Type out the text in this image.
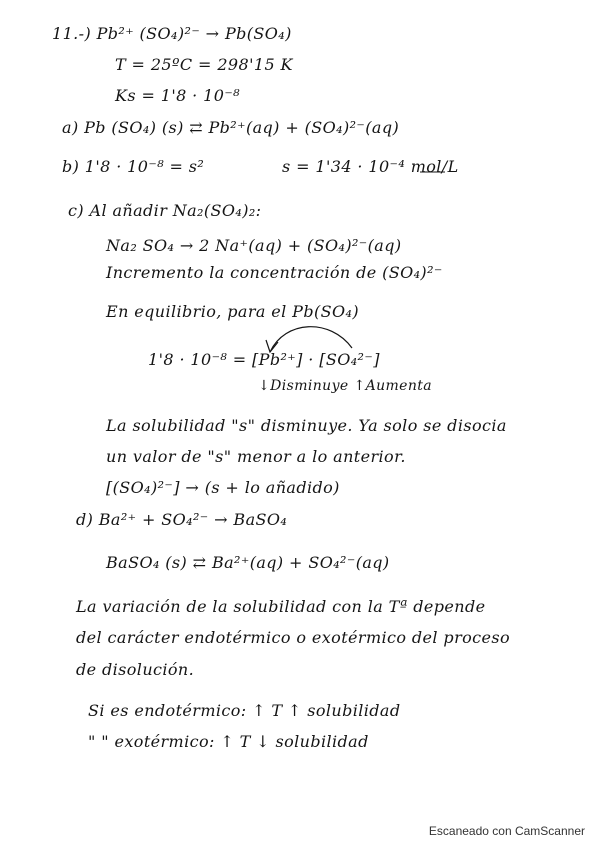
11.-) Pb²⁺ (SO₄)²⁻ → Pb(SO₄)
T = 25ºC = 298'15 K
Ks = 1'8 · 10⁻⁸
a) Pb (SO₄) (s) ⇄ Pb²⁺(aq) + (SO₄)²⁻(aq)
b) 1'8 · 10⁻⁸ = s²	s = 1'34 · 10⁻⁴ mol/L
c) Al añadir Na₂(SO₄)₂:
Na₂ SO₄ → 2 Na⁺(aq) + (SO₄)²⁻(aq)
Incremento la concentración de (SO₄)²⁻
En equilibrio, para el Pb(SO₄)
1'8 · 10⁻⁸ = [Pb²⁺] · [SO₄²⁻]
↓Disminuye ↑Aumenta
La solubilidad "s" disminuye. Ya solo se disocia
un valor de "s" menor a lo anterior.
[(SO₄)²⁻] → (s + lo añadido)
d) Ba²⁺ + SO₄²⁻ → BaSO₄
BaSO₄ (s) ⇄ Ba²⁺(aq) + SO₄²⁻(aq)
La variación de la solubilidad con la Tª depende
del carácter endotérmico o exotérmico del proceso
de disolución.
Si es endotérmico: ↑ T ↑ solubilidad
" " exotérmico: ↑ T ↓ solubilidad
Escaneado con CamScanner
